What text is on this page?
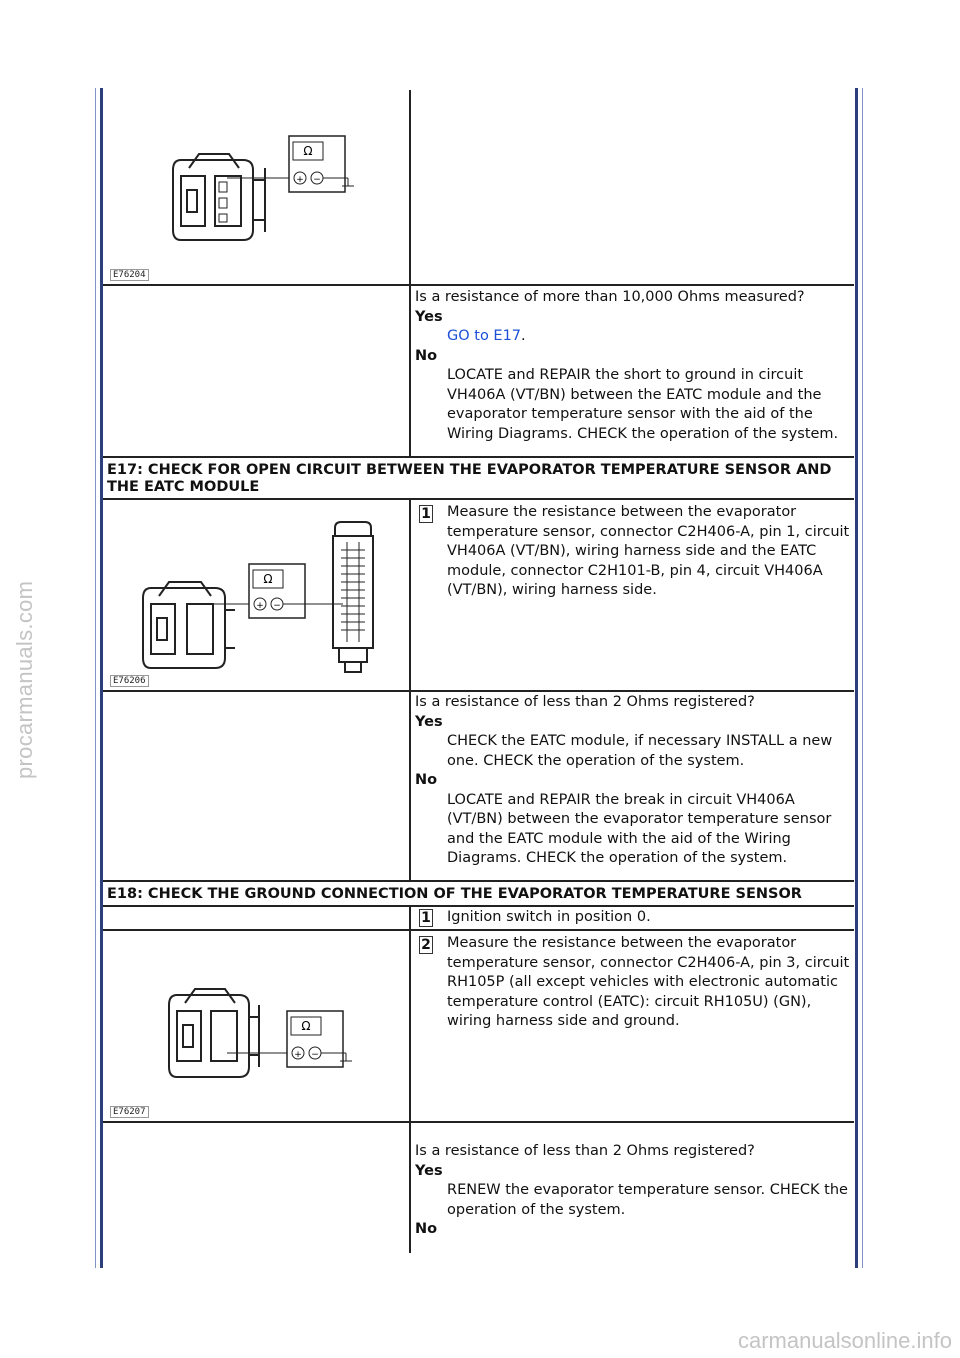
procarmanuals.com
Ω
+ −
E76204
Is a resistance of more than 10,000 Ohms measured?
Yes
GO to E17.
No
LOCATE and REPAIR the short to ground in circuit VH406A (VT/BN) between the EATC module and the evaporator temperature sensor with the aid of the Wiring Diagrams. CHECK the operation of the system.
E17: CHECK FOR OPEN CIRCUIT BETWEEN THE EVAPORATOR TEMPERATURE SENSOR AND THE EATC MODULE
Ω
+ −
E76206
1 Measure the resistance between the evaporator temperature sensor, connector C2H406-A, pin 1, circuit VH406A (VT/BN), wiring harness side and the EATC module, connector C2H101-B, pin 4, circuit VH406A (VT/BN), wiring harness side.
Is a resistance of less than 2 Ohms registered?
Yes
CHECK the EATC module, if necessary INSTALL a new one. CHECK the operation of the system.
No
LOCATE and REPAIR the break in circuit VH406A (VT/BN) between the evaporator temperature sensor and the EATC module with the aid of the Wiring Diagrams. CHECK the operation of the system.
E18: CHECK THE GROUND CONNECTION OF THE EVAPORATOR TEMPERATURE SENSOR
1 Ignition switch in position 0.
Ω
+ −
E76207
2 Measure the resistance between the evaporator temperature sensor, connector C2H406-A, pin 3, circuit RH105P (all except vehicles with electronic automatic temperature control (EATC): circuit RH105U) (GN), wiring harness side and ground.
Is a resistance of less than 2 Ohms registered?
Yes
RENEW the evaporator temperature sensor. CHECK the operation of the system.
No
carmanualsonline.info
